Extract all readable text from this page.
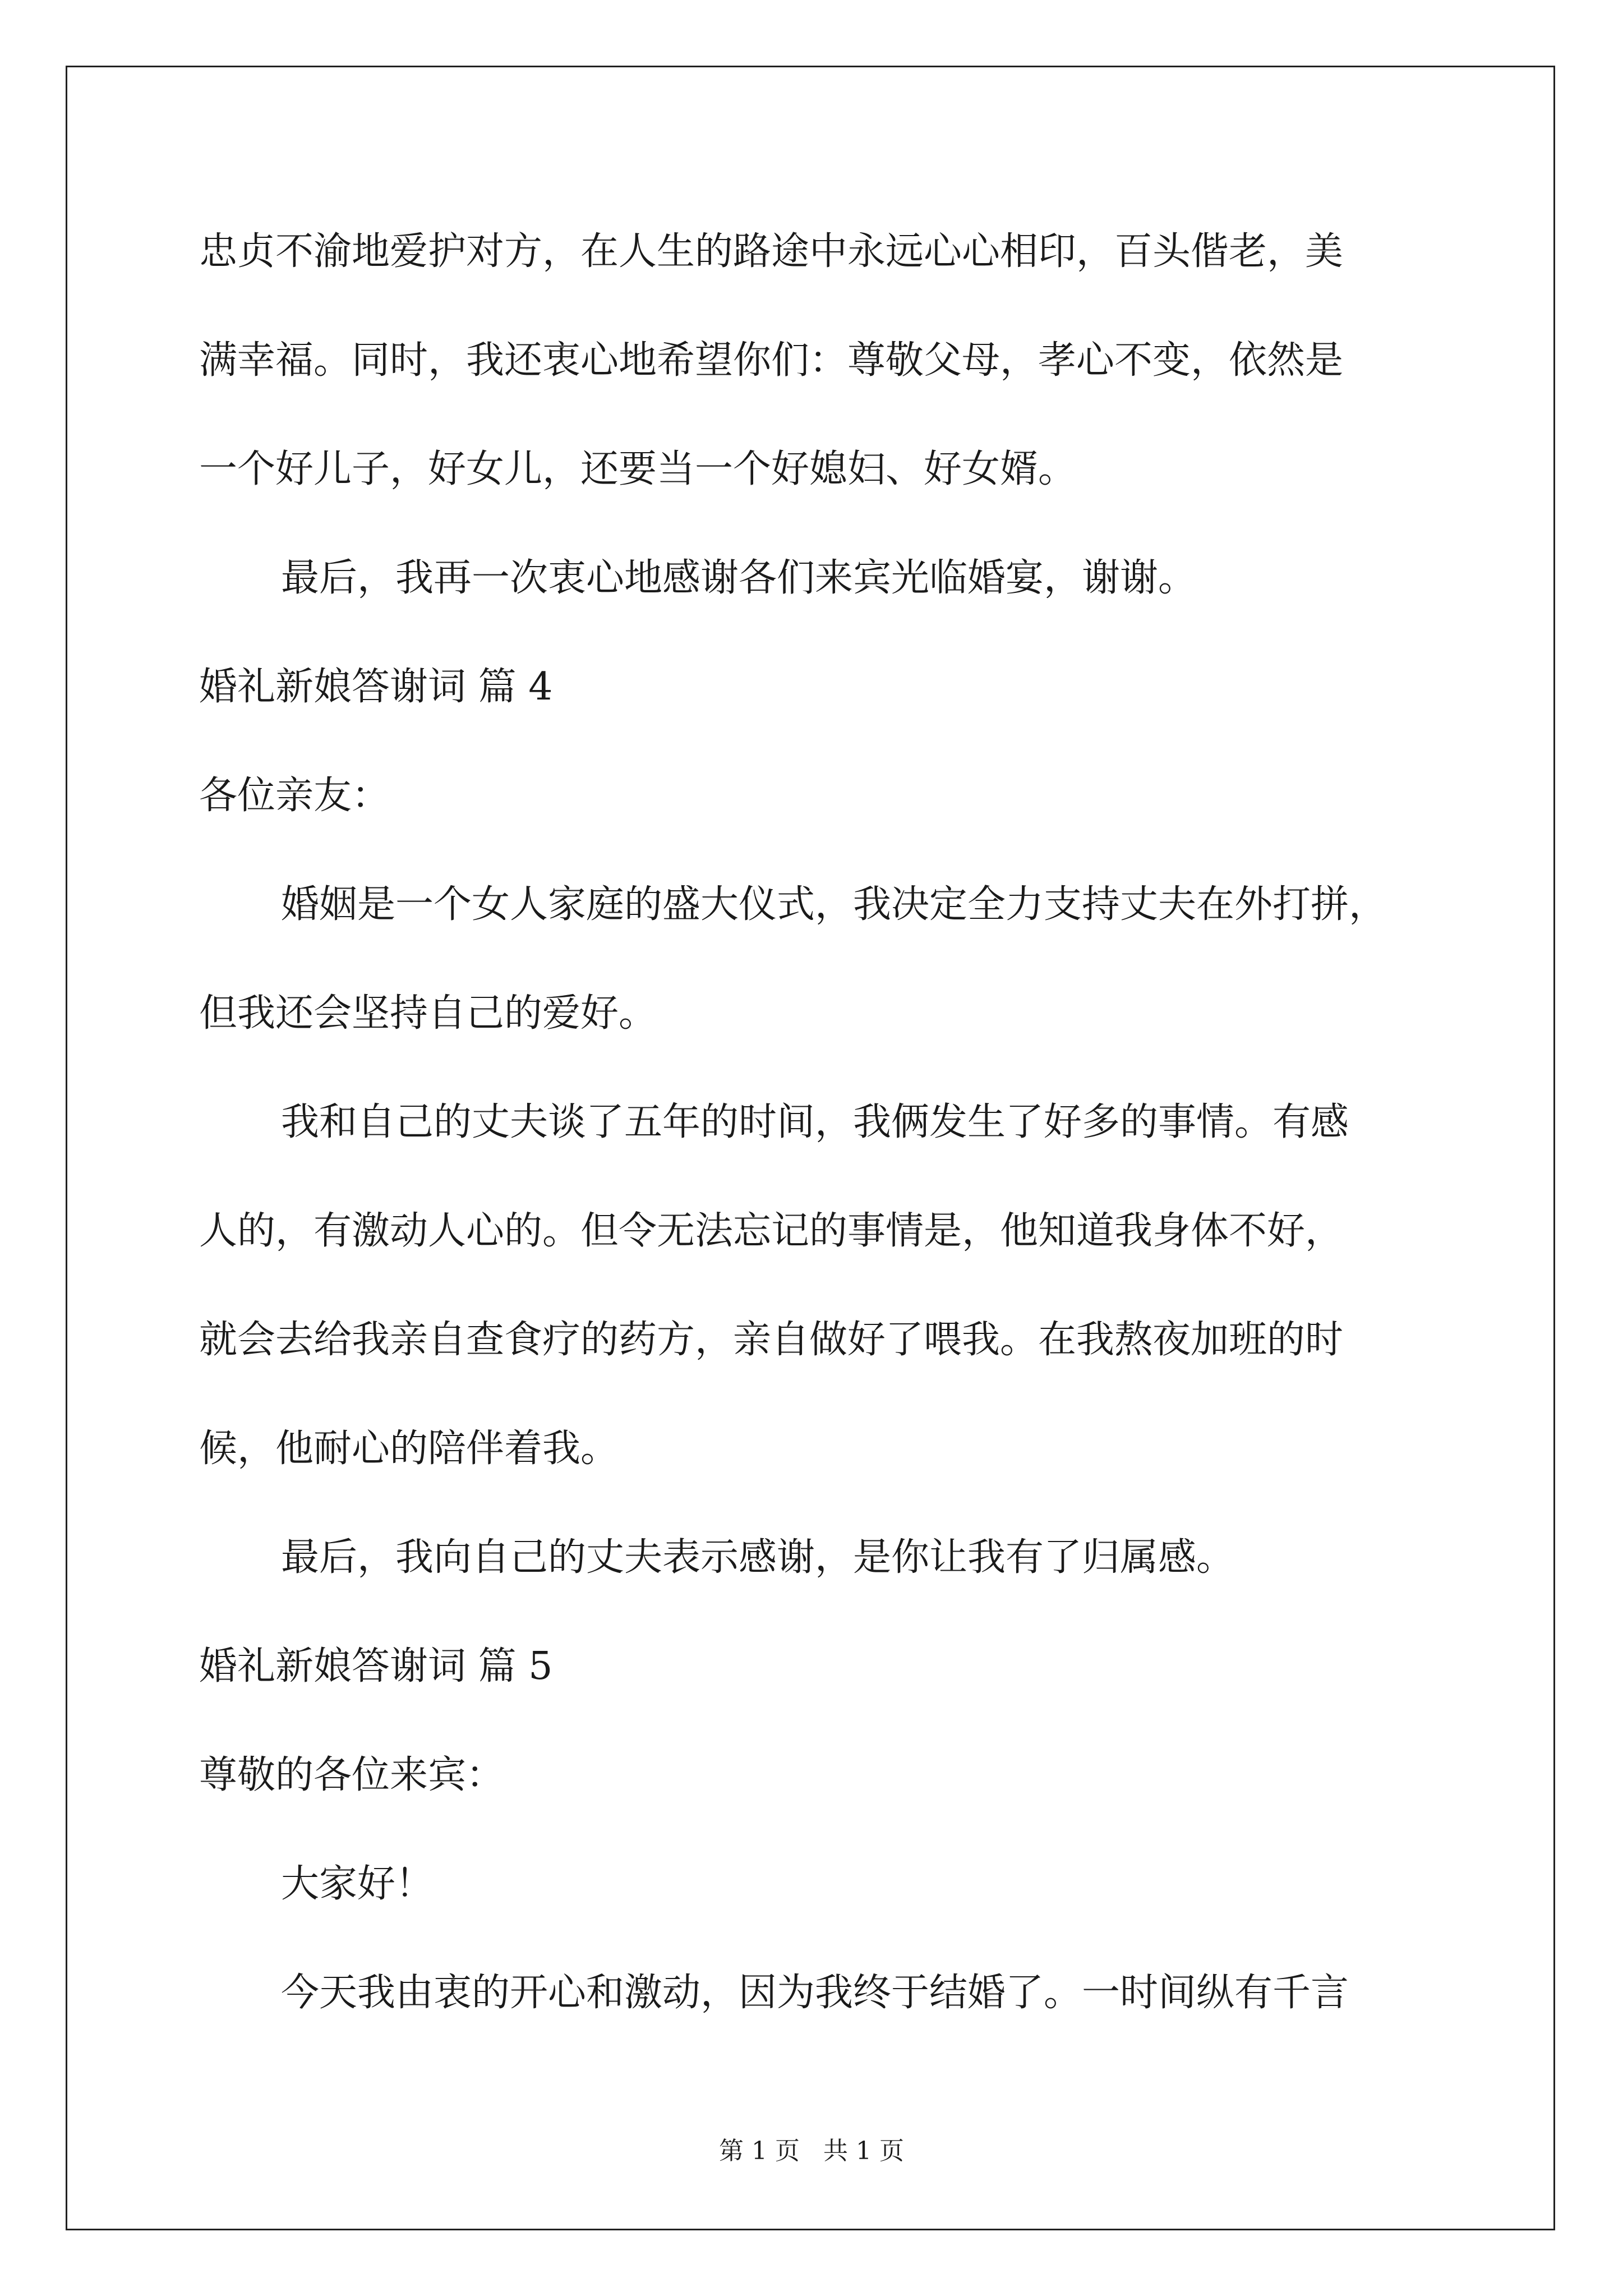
忠贞不渝地爱护对方，在人生的路途中永远心心相印，百头偕老，美
满幸福。同时，我还衷心地希望你们：尊敬父母，孝心不变，依然是
一个好儿子，好女儿，还要当一个好媳妇、好女婿。
最后，我再一次衷心地感谢各们来宾光临婚宴，谢谢。
婚礼新娘答谢词 篇 4
各位亲友：
婚姻是一个女人家庭的盛大仪式，我决定全力支持丈夫在外打拼，
但我还会坚持自己的爱好。
我和自己的丈夫谈了五年的时间，我俩发生了好多的事情。有感
人的，有激动人心的。但令无法忘记的事情是，他知道我身体不好，
就会去给我亲自查食疗的药方，亲自做好了喂我。在我熬夜加班的时
候，他耐心的陪伴着我。
最后，我向自己的丈夫表示感谢，是你让我有了归属感。
婚礼新娘答谢词 篇 5
尊敬的各位来宾：
大家好！
今天我由衷的开心和激动，因为我终于结婚了。一时间纵有千言
第 1 页   共 1 页
